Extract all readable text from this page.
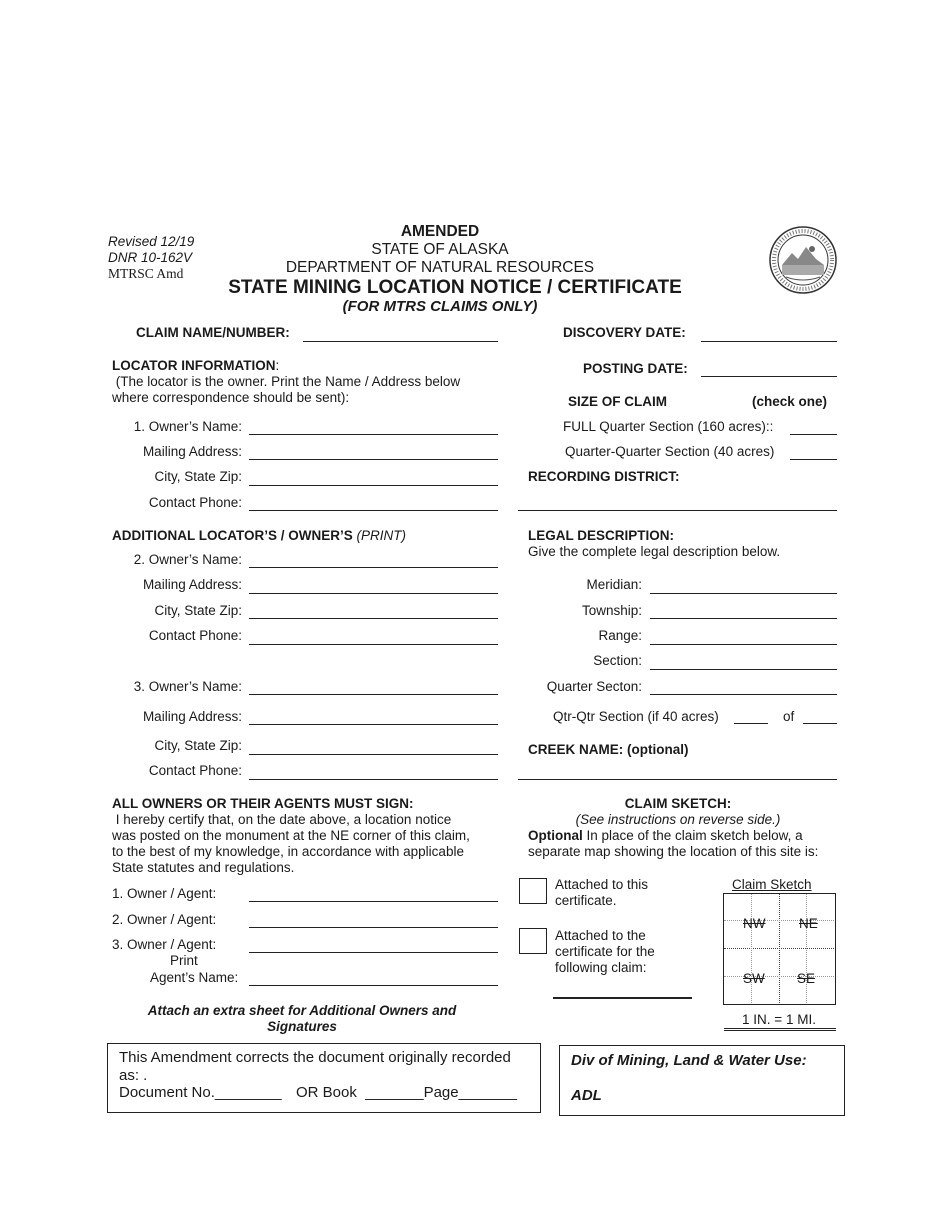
Revised 12/19
DNR 10-162V
MTRSC Amd
AMENDED
STATE OF ALASKA
DEPARTMENT OF NATURAL RESOURCES
STATE MINING LOCATION NOTICE / CERTIFICATE
(FOR MTRS CLAIMS ONLY)
CLAIM NAME/NUMBER:
LOCATOR INFORMATION:
(The locator is the owner. Print the Name / Address below
where correspondence should be sent):
1. Owner’s Name:
Mailing Address:
City, State Zip:
Contact Phone:
ADDITIONAL LOCATOR’S / OWNER’S (PRINT)
2. Owner’s Name:
Mailing Address:
City, State Zip:
Contact Phone:
3. Owner’s Name:
Mailing Address:
City, State Zip:
Contact Phone:
ALL OWNERS OR THEIR AGENTS MUST SIGN:
I hereby certify that, on the date above, a location notice
was posted on the monument at the NE corner of this claim,
to the best of my knowledge, in accordance with applicable
State statutes and regulations.
1. Owner / Agent:
2. Owner / Agent:
3. Owner / Agent:
Print
Agent’s Name:
Attach an extra sheet for Additional Owners and
Signatures
DISCOVERY DATE:
POSTING DATE:
SIZE OF CLAIM	(check one)
FULL Quarter Section (160 acres)::
Quarter-Quarter Section (40 acres)
RECORDING DISTRICT:
LEGAL DESCRIPTION:
Give the complete legal description below.
Meridian:
Township:
Range:
Section:
Quarter Secton:
Qtr-Qtr Section (if 40 acres)	of
CREEK NAME: (optional)
CLAIM SKETCH:
(See instructions on reverse side.)
Optional In place of the claim sketch below, a
separate map showing the location of this site is:
Attached to this
certificate.
Attached to the
certificate for the
following claim:
Claim Sketch
NW NE
SW SE
1 IN. = 1 MI.
This Amendment corrects the document originally recorded
as: .
Document No.________ OR Book  _______Page_______
Div of Mining, Land & Water Use:
ADL
